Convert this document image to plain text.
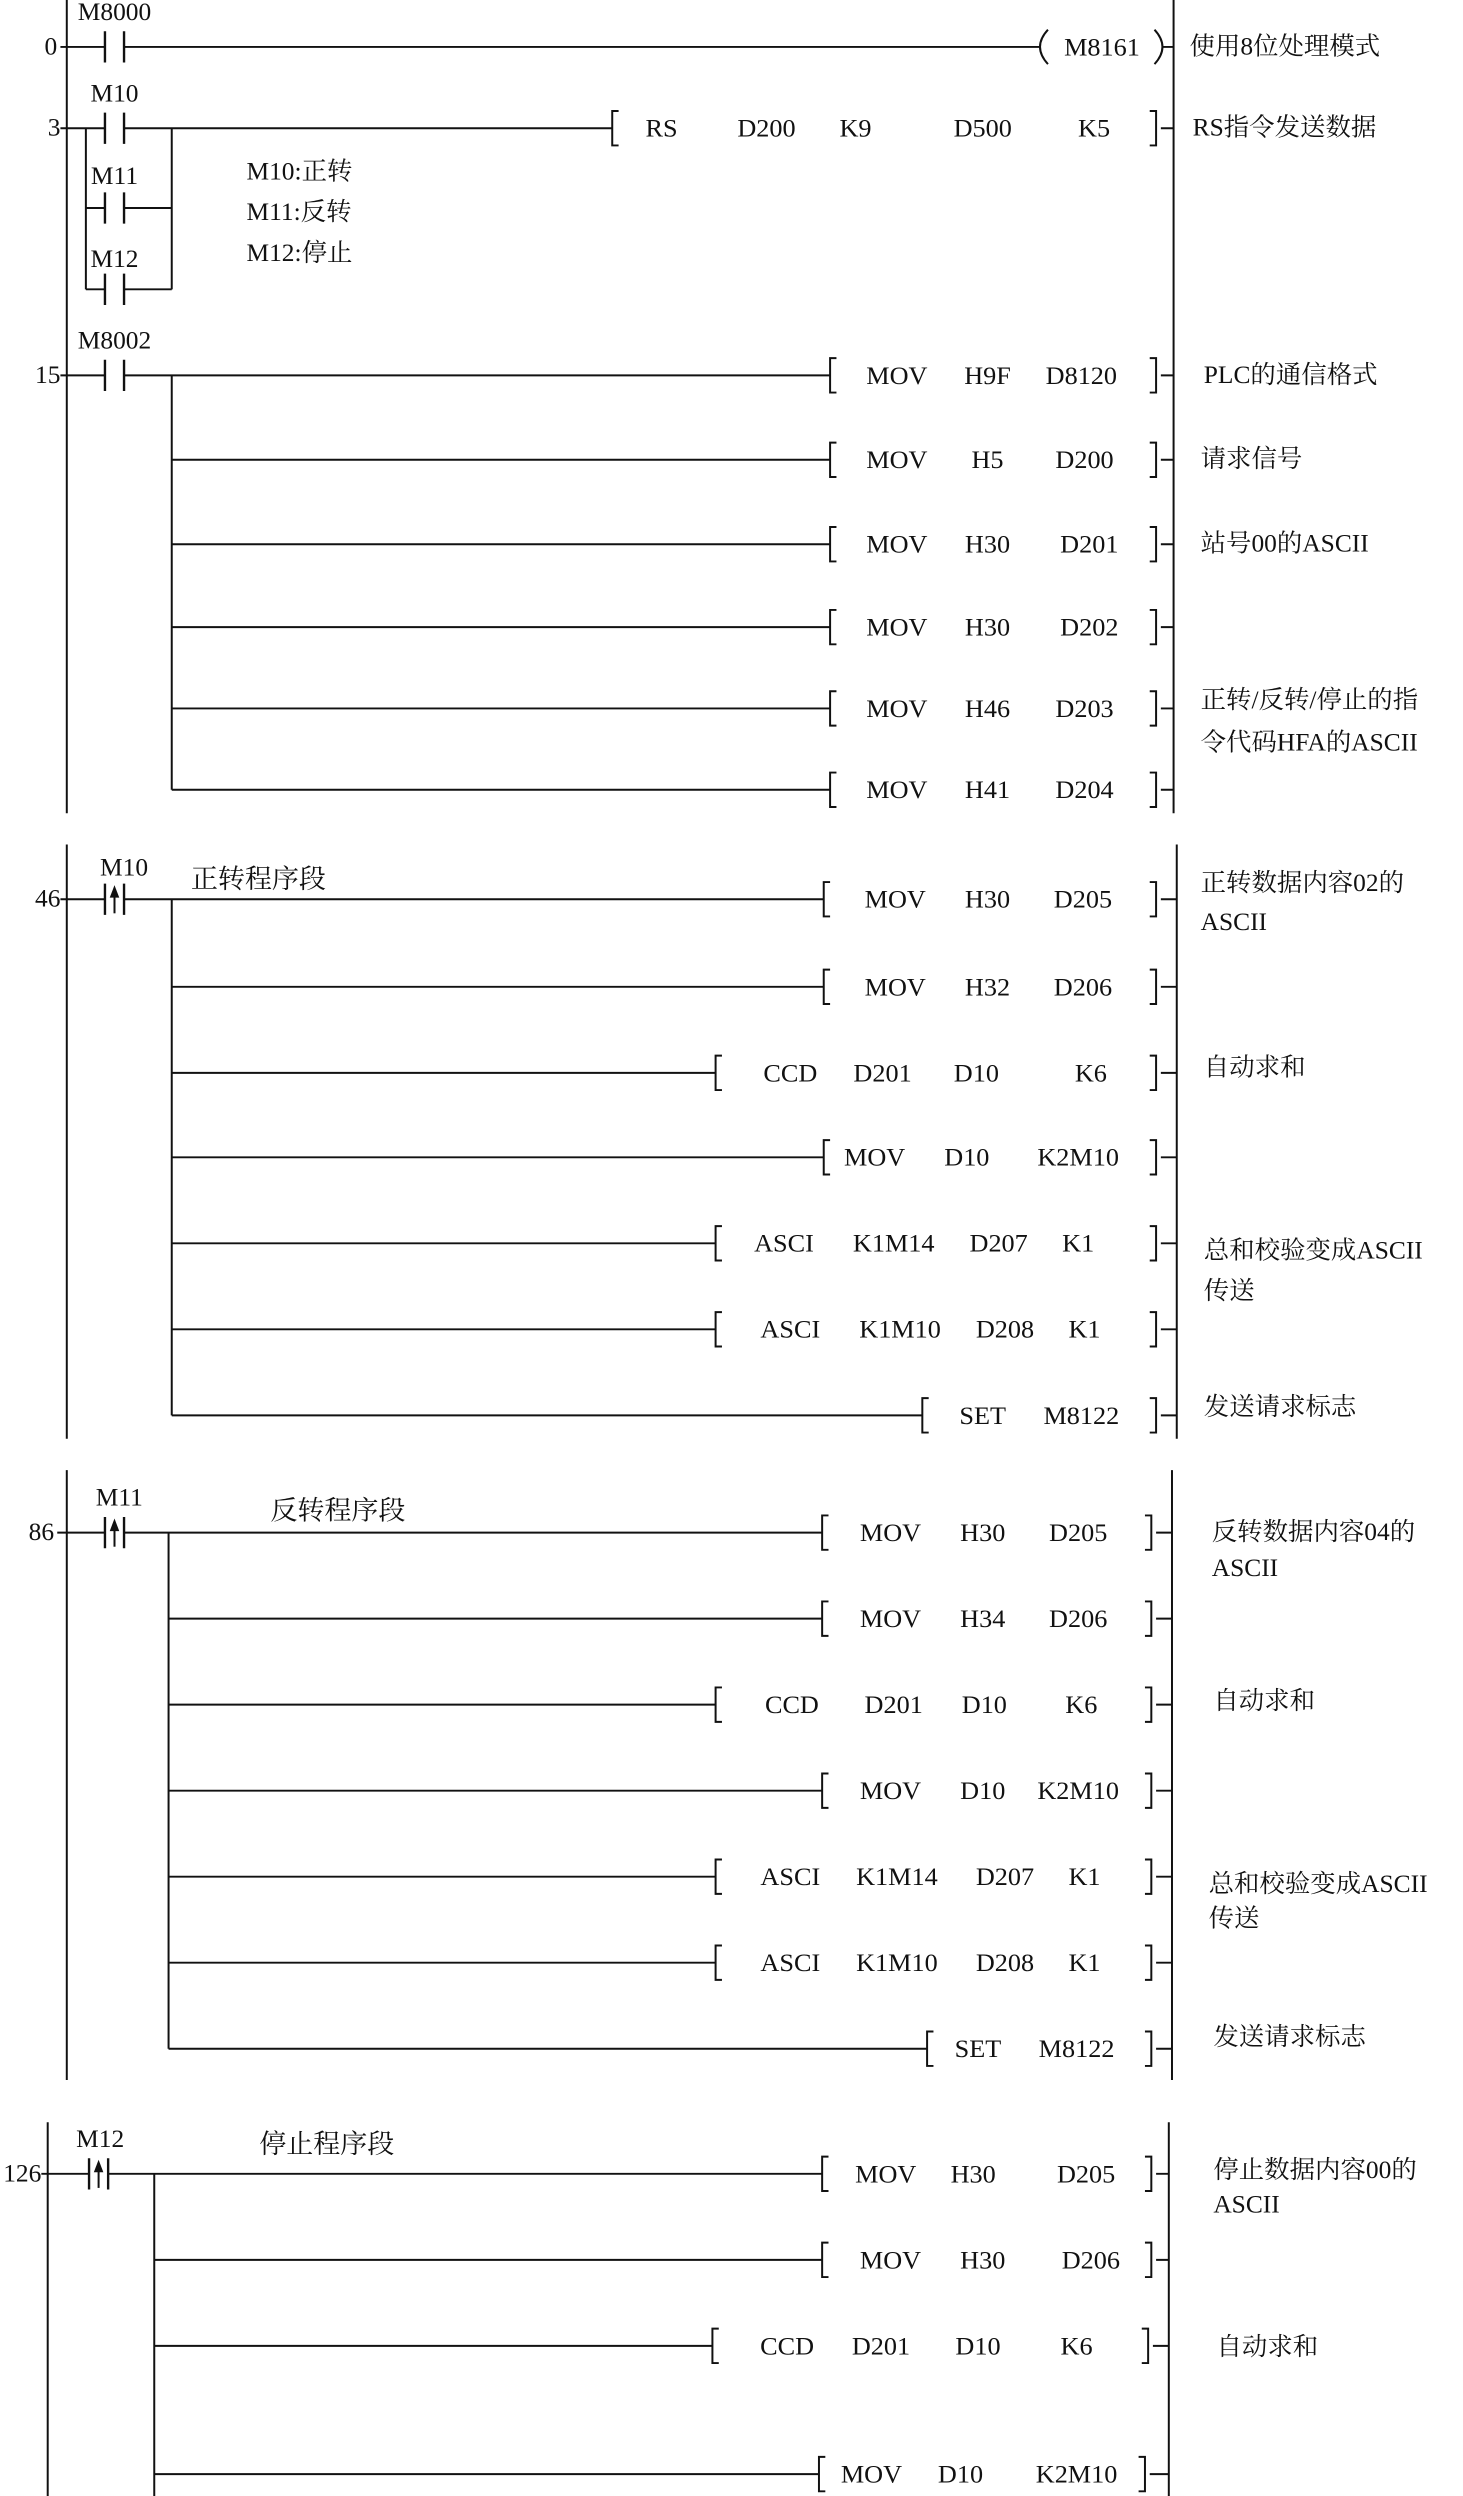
0
M8000
M8161	使用8位处理模式
3
M10
M11
M12
M10:正转
M11:反转
M12:停止
RS	D200	K9	D500	K5	RS指令发送数据
15
M8002
MOV H9F D8120	PLC的通信格式
MOV	H5	D200	请求信号
MOV H30	D201	站号00的ASCII
MOV H30	D202
MOV H46	D203	正转/反转/停止的指
令代码HFA的ASCII
MOV H41	D204
46
M10	正转程序段
MOV H30	D205
正转数据内容02的
ASCII
MOV H32	D206
CCD D201	D10	K6	自动求和
MOV D10	K2M10
ASCI K1M14 D207 K1	总和校验变成ASCII
传送
ASCI K1M10 D208 K1
SET M8122	发送请求标志
86
M11	反转程序段
MOV H30	D205	反转数据内容04的
ASCII
MOV H34	D206
CCD	D201 D10	K6	自动求和
MOV D10 K2M10
ASCI K1M14 D207 K1	总和校验变成ASCII
传送
ASCI K1M10 D208 K1
SET M8122	发送请求标志
126
M12	停止程序段
MOV H30	D205	停止数据内容00的
ASCII
MOV H30	D206
CCD D201	D10	K6	自动求和
MOV D10	K2M10
